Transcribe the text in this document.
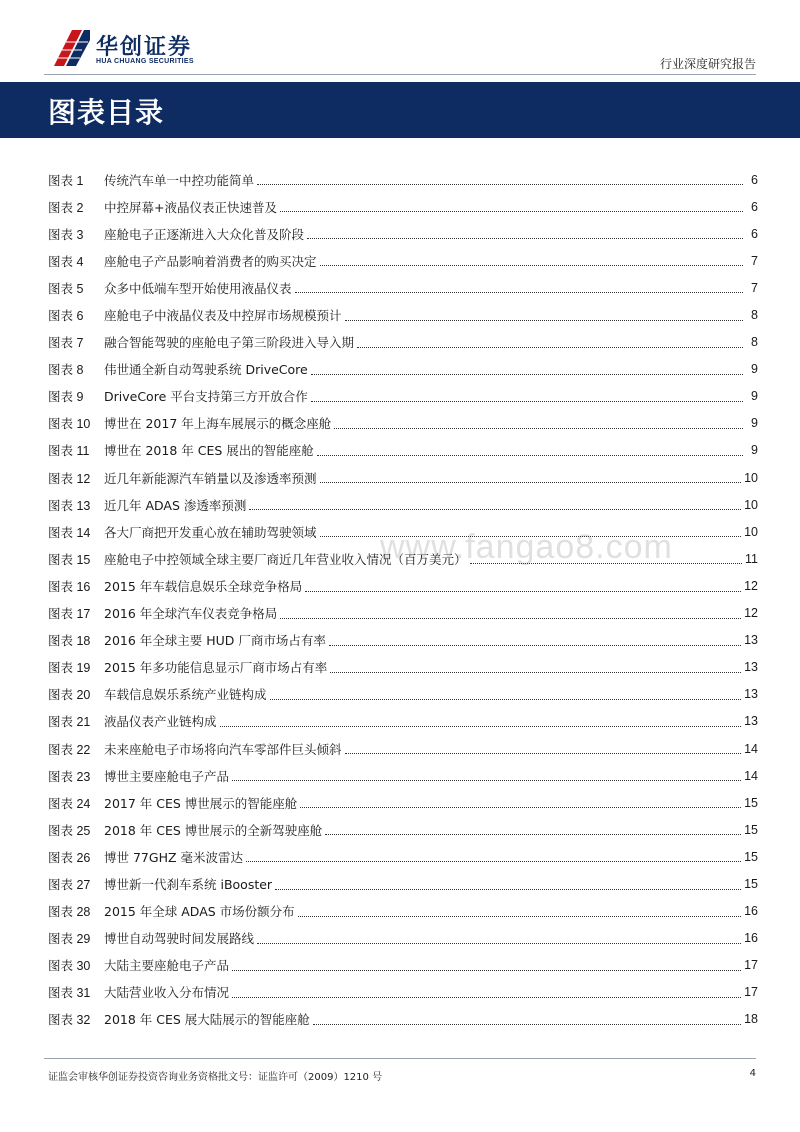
华创证券
HUA CHUANG SECURITIES	行业深度研究报告
图表目录
www.fangao8.com
图表 1	传统汽车单一中控功能简单	6
图表 2	中控屏幕+液晶仪表正快速普及	6
图表 3	座舱电子正逐渐进入大众化普及阶段	6
图表 4	座舱电子产品影响着消费者的购买决定	7
图表 5	众多中低端车型开始使用液晶仪表	7
图表 6	座舱电子中液晶仪表及中控屏市场规模预计	8
图表 7	融合智能驾驶的座舱电子第三阶段进入导入期	8
图表 8	伟世通全新自动驾驶系统 DriveCore	9
图表 9	DriveCore 平台支持第三方开放合作	9
图表 10	博世在 2017 年上海车展展示的概念座舱	9
图表 11	博世在 2018 年 CES 展出的智能座舱	9
图表 12	近几年新能源汽车销量以及渗透率预测	10
图表 13	近几年 ADAS 渗透率预测	10
图表 14	各大厂商把开发重心放在辅助驾驶领域	10
图表 15	座舱电子中控领域全球主要厂商近几年营业收入情况（百万美元）	11
图表 16	2015 年车载信息娱乐全球竞争格局	12
图表 17	2016 年全球汽车仪表竞争格局	12
图表 18	2016 年全球主要 HUD 厂商市场占有率	13
图表 19	2015 年多功能信息显示厂商市场占有率	13
图表 20	车载信息娱乐系统产业链构成	13
图表 21	液晶仪表产业链构成	13
图表 22	未来座舱电子市场将向汽车零部件巨头倾斜	14
图表 23	博世主要座舱电子产品	14
图表 24	2017 年 CES 博世展示的智能座舱	15
图表 25	2018 年 CES 博世展示的全新驾驶座舱	15
图表 26	博世 77GHZ 毫米波雷达	15
图表 27	博世新一代刹车系统 iBooster	15
图表 28	2015 年全球 ADAS 市场份额分布	16
图表 29	博世自动驾驶时间发展路线	16
图表 30	大陆主要座舱电子产品	17
图表 31	大陆营业收入分布情况	17
图表 32	2018 年 CES 展大陆展示的智能座舱	18
证监会审核华创证券投资咨询业务资格批文号：证监许可（2009）1210 号	4
